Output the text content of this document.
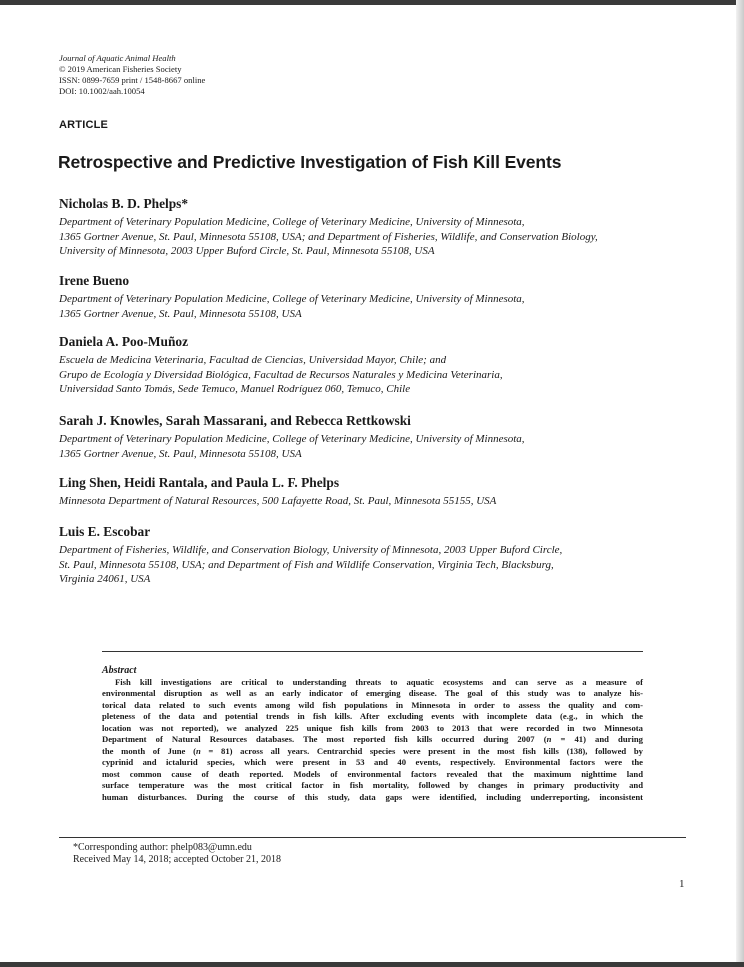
Journal of Aquatic Animal Health
© 2019 American Fisheries Society
ISSN: 0899-7659 print / 1548-8667 online
DOI: 10.1002/aah.10054
ARTICLE
Retrospective and Predictive Investigation of Fish Kill Events
Nicholas B. D. Phelps*
Department of Veterinary Population Medicine, College of Veterinary Medicine, University of Minnesota,
1365 Gortner Avenue, St. Paul, Minnesota 55108, USA; and Department of Fisheries, Wildlife, and Conservation Biology,
University of Minnesota, 2003 Upper Buford Circle, St. Paul, Minnesota 55108, USA
Irene Bueno
Department of Veterinary Population Medicine, College of Veterinary Medicine, University of Minnesota,
1365 Gortner Avenue, St. Paul, Minnesota 55108, USA
Daniela A. Poo-Muñoz
Escuela de Medicina Veterinaria, Facultad de Ciencias, Universidad Mayor, Chile; and
Grupo de Ecología y Diversidad Biológica, Facultad de Recursos Naturales y Medicina Veterinaria,
Universidad Santo Tomás, Sede Temuco, Manuel Rodríguez 060, Temuco, Chile
Sarah J. Knowles, Sarah Massarani, and Rebecca Rettkowski
Department of Veterinary Population Medicine, College of Veterinary Medicine, University of Minnesota,
1365 Gortner Avenue, St. Paul, Minnesota 55108, USA
Ling Shen, Heidi Rantala, and Paula L. F. Phelps
Minnesota Department of Natural Resources, 500 Lafayette Road, St. Paul, Minnesota 55155, USA
Luis E. Escobar
Department of Fisheries, Wildlife, and Conservation Biology, University of Minnesota, 2003 Upper Buford Circle,
St. Paul, Minnesota 55108, USA; and Department of Fish and Wildlife Conservation, Virginia Tech, Blacksburg,
Virginia 24061, USA
Abstract
Fish kill investigations are critical to understanding threats to aquatic ecosystems and can serve as a measure of
environmental disruption as well as an early indicator of emerging disease. The goal of this study was to analyze his-
torical data related to such events among wild fish populations in Minnesota in order to assess the quality and com-
pleteness of the data and potential trends in fish kills. After excluding events with incomplete data (e.g., in which the
location was not reported), we analyzed 225 unique fish kills from 2003 to 2013 that were recorded in two Minnesota
Department of Natural Resources databases. The most reported fish kills occurred during 2007 (n = 41) and during
the month of June (n = 81) across all years. Centrarchid species were present in the most fish kills (138), followed by
cyprinid and ictalurid species, which were present in 53 and 40 events, respectively. Environmental factors were the
most common cause of death reported. Models of environmental factors revealed that the maximum nighttime land
surface temperature was the most critical factor in fish mortality, followed by changes in primary productivity and
human disturbances. During the course of this study, data gaps were identified, including underreporting, inconsistent
*Corresponding author: phelp083@umn.edu
Received May 14, 2018; accepted October 21, 2018
1
